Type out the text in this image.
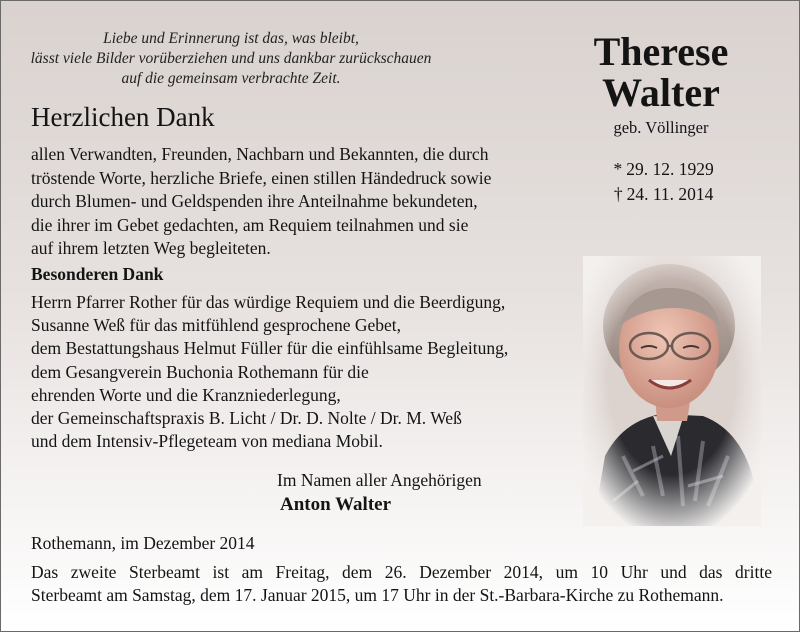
Liebe und Erinnerung ist das, was bleibt,
lässt viele Bilder vorüberziehen und uns dankbar zurückschauen
auf die gemeinsam verbrachte Zeit.
Herzlichen Dank
allen Verwandten, Freunden, Nachbarn und Bekannten, die durch
tröstende Worte, herzliche Briefe, einen stillen Händedruck sowie
durch Blumen- und Geldspenden ihre Anteilnahme bekundeten,
die ihrer im Gebet gedachten, am Requiem teilnahmen und sie
auf ihrem letzten Weg begleiteten.
Besonderen Dank
Herrn Pfarrer Rother für das würdige Requiem und die Beerdigung,
Susanne Weß für das mitfühlend gesprochene Gebet,
dem Bestattungshaus Helmut Füller für die einfühlsame Begleitung,
dem Gesangverein Buchonia Rothemann für die
ehrenden Worte und die Kranzniederlegung,
der Gemeinschaftspraxis B. Licht / Dr. D. Nolte / Dr. M. Weß
und dem Intensiv-Pflegeteam von mediana Mobil.
Im Namen aller Angehörigen
Anton Walter
Rothemann, im Dezember 2014
Das zweite Sterbeamt ist am Freitag, dem 26. Dezember 2014, um 10 Uhr und das dritte
Sterbeamt am Samstag, dem 17. Januar 2015, um 17 Uhr in der St.-Barbara-Kirche zu Rothemann.
Therese
Walter
geb. Völlinger
* 29. 12. 1929
† 24. 11. 2014
